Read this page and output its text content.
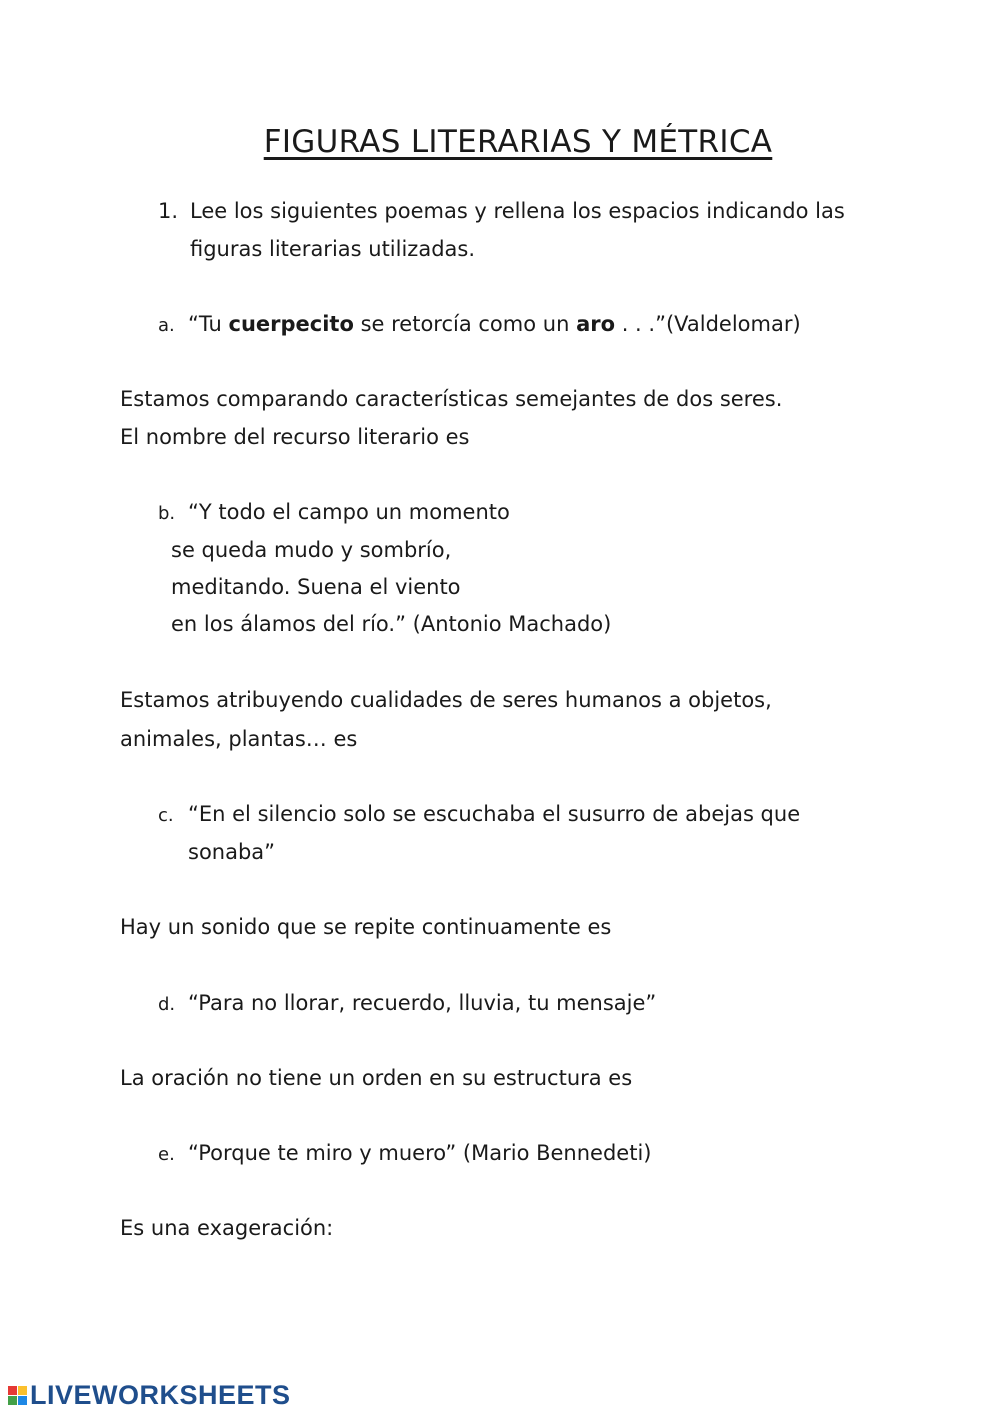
FIGURAS LITERARIAS Y MÉTRICA
1. Lee los siguientes poemas y rellena los espacios indicando las
figuras literarias utilizadas.
a. “Tu cuerpecito se retorcía como un aro . . .”(Valdelomar)
Estamos comparando características semejantes de dos seres.
El nombre del recurso literario es
b. “Y todo el campo un momento
se queda mudo y sombrío,
meditando. Suena el viento
en los álamos del río.” (Antonio Machado)
Estamos atribuyendo cualidades de seres humanos a objetos,
animales, plantas… es
c. “En el silencio solo se escuchaba el susurro de abejas que
sonaba”
Hay un sonido que se repite continuamente es
d. “Para no llorar, recuerdo, lluvia, tu mensaje”
La oración no tiene un orden en su estructura es
e. “Porque te miro y muero” (Mario Bennedeti)
Es una exageración:
LIVEWORKSHEETS
